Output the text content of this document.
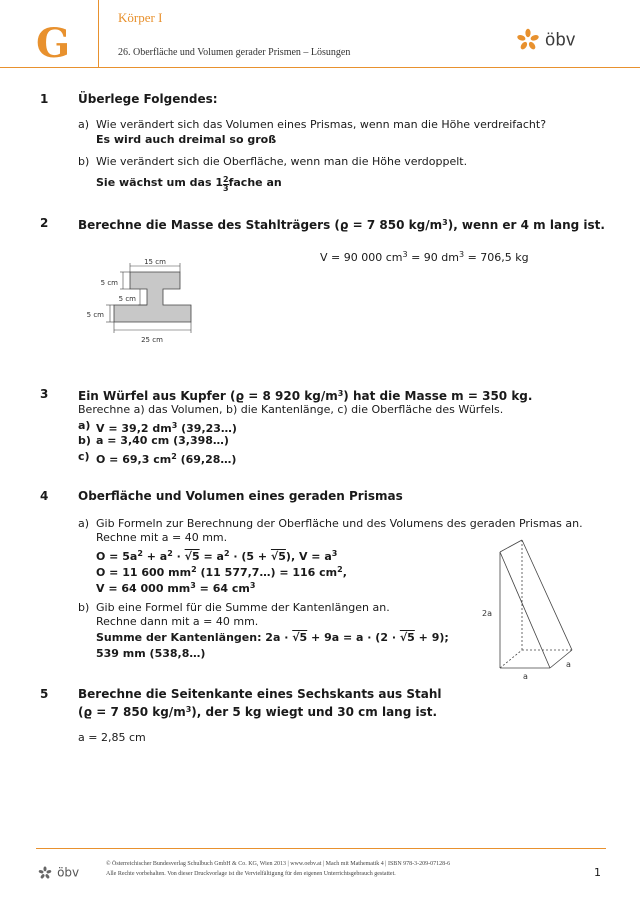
G
Körper I
26. Oberfläche und Volumen gerader Prismen – Lösungen
öbv
1 Überlege Folgendes:
a) Wie verändert sich das Volumen eines Prismas, wenn man die Höhe verdreifacht?
Es wird auch dreimal so groß
b) Wie verändert sich die Oberfläche, wenn man die Höhe verdoppelt.
Sie wächst um das $1 \frac{2}{3}$ fache an
2 Berechne die Masse des Stahlträgers (ϱ = 7 850 $kg/m^3$), wenn er 4 m lang ist.
V = 90 000 $cm^3 = 90$ $dm^3 = 706,5$ kg
15 cm
5 cm
5 cm
5 cm
25 cm
3 Ein Würfel aus Kupfer (ϱ = 8 920 $kg/m^3$) hat die Masse m = 350 kg.
Berechne a) das Volumen, b) die Kantenlänge, c) die Oberfläche des Würfels.
a) V = 39,2 $dm^3$ (39,23…)
b) a = 3,40 cm (3,398…)
c) O = 69,3 $cm^2$ (69,28…)
4 Oberfläche und Volumen eines geraden Prismas
a) Gib Formeln zur Berechnung der Oberfläche und des Volumens des geraden Prismas an.
Rechne mit a = 40 mm.
$O = 5a^2 + a^2 \cdot √5 = a^2 \cdot (5 + √5)$, $V = a^3$
O = 11 600 $mm^2$ (11 577,7…) = 116 $cm^2$,
V = 64 000 $mm^3 = 64$ $cm^3$
b) Gib eine Formel für die Summe der Kantenlängen an.
Rechne dann mit a = 40 mm.
Summe der Kantenlängen: 2a · √5 + 9a = a · (2 · √5 + 9);
539 mm (538,8…)
2a
a
a
5 Berechne die Seitenkante eines Sechskants aus Stahl
(ϱ = 7 850 $kg/m^3$), der 5 kg wiegt und 30 cm lang ist.
a = 2,85 cm
öbv
© Österreichischer Bundesverlag Schulbuch GmbH & Co. KG, Wien 2013 | www.oebv.at | Mach mit Mathematik 4 | ISBN 978-3-209-07128-6
Alle Rechte vorbehalten. Von dieser Druckvorlage ist die Vervielfältigung für den eigenen Unterrichtsgebrauch gestattet.	1
